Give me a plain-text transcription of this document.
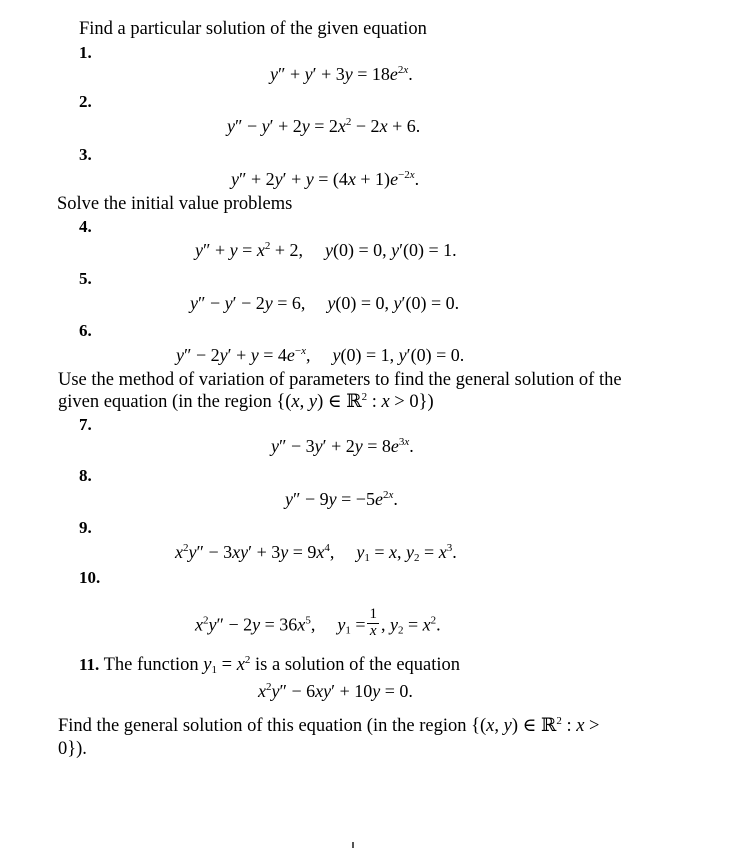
Find a particular solution of the given equation
1.
$y'' + y' + 3y = 18e^{2x}$.
2.
$y'' - y' + 2y = 2x^2 - 2x + 6$.
3.
$y'' + 2y' + y = (4x + 1)e^{-2x}$.
Solve the initial value problems
4.
$y'' + y = x^2 + 2$, y(0) = 0, y′(0) = 1.
5.
y″ − y′ − 2y = 6, y(0) = 0, y′(0) = 0.
6.
$y'' - 2y' + y = 4e^{-x}$, y(0) = 1, y′(0) = 0.
Use the method of variation of parameters to find the general solution of the
given equation (in the region {(x, y) ∈ ℝ$^2$ : x > 0})
7.
$y'' - 3y' + 2y = 8e^{3x}$.
8.
$y'' - 9y = -5e^{2x}$.
9.
$x^2y'' - 3xy' + 3y = 9x^4$, $y_1 = x$, $y_2 = x^3$.
10.
$x^2y'' - 2y = 36x^5$, $y_1 = \frac{1}{x}$ , $y_2 = x^2$.
11. The function $y_1 = x^2$ is a solution of the equation
$x^2y'' - 6xy' + 10y = 0$.
Find the general solution of this equation (in the region {(x, y) ∈ ℝ$^2$ : x >
0}).
